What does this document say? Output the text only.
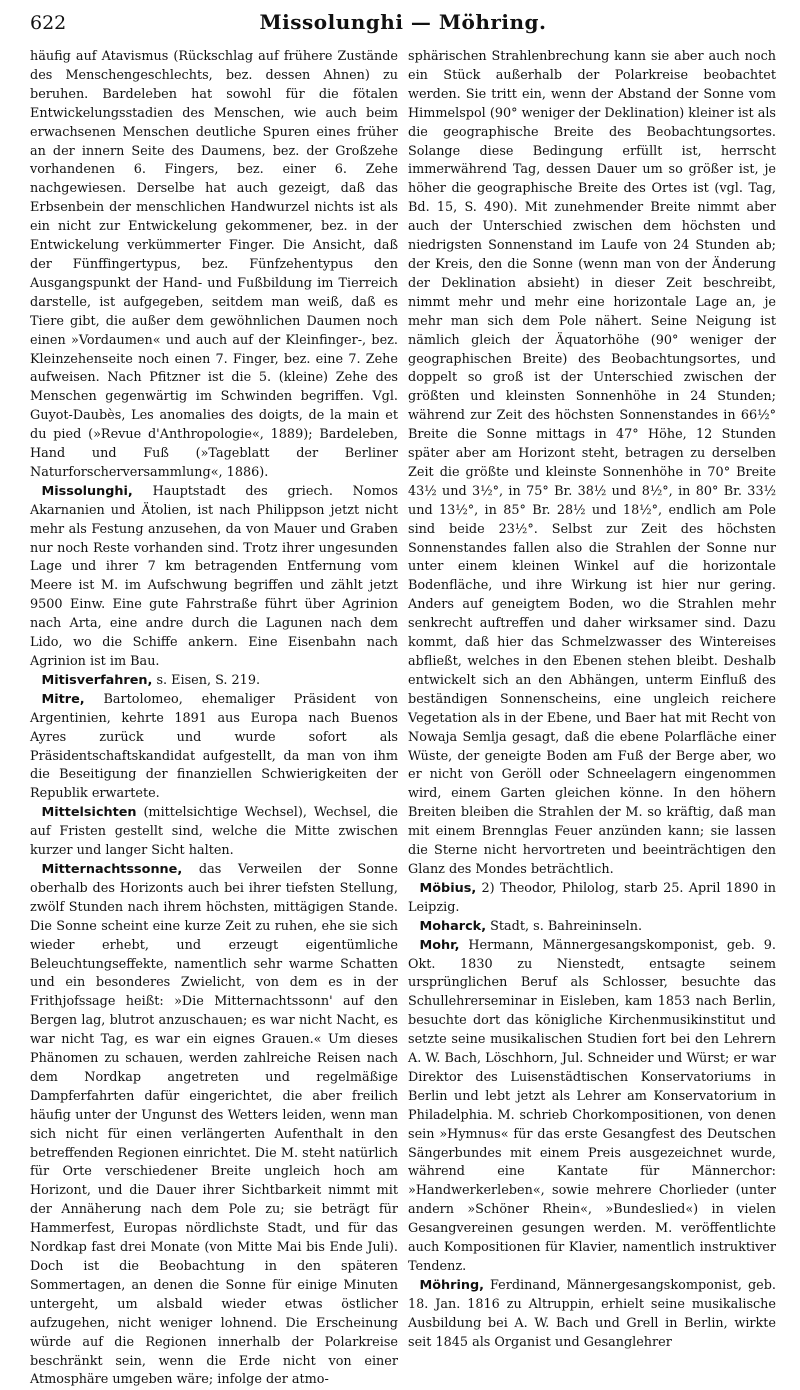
622	Missolunghi — Möhring.

häufig auf Atavismus (Rückschlag auf frühere Zustände des Menschengeschlechts, bez. dessen Ahnen) zu beruhen. Bardeleben hat sowohl für die fötalen Entwickelungsstadien des Menschen, wie auch beim erwachsenen Menschen deutliche Spuren eines früher an der innern Seite des Daumens, bez. der Großzehe vorhandenen 6. Fingers, bez. einer 6. Zehe nachgewiesen. Derselbe hat auch gezeigt, daß das Erbsenbein der menschlichen Handwurzel nichts ist als ein nicht zur Entwickelung gekommener, bez. in der Entwickelung verkümmerter Finger. Die Ansicht, daß der Fünffingertypus, bez. Fünfzehentypus den Ausgangspunkt der Hand- und Fußbildung im Tierreich darstelle, ist aufgegeben, seitdem man weiß, daß es Tiere gibt, die außer dem gewöhnlichen Daumen noch einen »Vordaumen« und auch auf der Kleinfinger-, bez. Kleinzehenseite noch einen 7. Finger, bez. eine 7. Zehe aufweisen. Nach Pfitzner ist die 5. (kleine) Zehe des Menschen gegenwärtig im Schwinden begriffen. Vgl. Guyot-Daubès, Les anomalies des doigts, de la main et du pied (»Revue d'Anthropologie«, 1889); Bardeleben, Hand und Fuß (»Tageblatt der Berliner Naturforscherversammlung«, 1886).

Missolunghi, Hauptstadt des griech. Nomos Akarnanien und Ätolien, ist nach Philippson jetzt nicht mehr als Festung anzusehen, da von Mauer und Graben nur noch Reste vorhanden sind. Trotz ihrer ungesunden Lage und ihrer 7 km betragenden Entfernung vom Meere ist M. im Aufschwung begriffen und zählt jetzt 9500 Einw. Eine gute Fahrstraße führt über Agrinion nach Arta, eine andre durch die Lagunen nach dem Lido, wo die Schiffe ankern. Eine Eisenbahn nach Agrinion ist im Bau.

Mitisverfahren, s. Eisen, S. 219.

Mitre, Bartolomeo, ehemaliger Präsident von Argentinien, kehrte 1891 aus Europa nach Buenos Ayres zurück und wurde sofort als Präsidentschaftskandidat aufgestellt, da man von ihm die Beseitigung der finanziellen Schwierigkeiten der Republik erwartete.

Mittelsichten (mittelsichtige Wechsel), Wechsel, die auf Fristen gestellt sind, welche die Mitte zwischen kurzer und langer Sicht halten.

Mitternachtssonne, das Verweilen der Sonne oberhalb des Horizonts auch bei ihrer tiefsten Stellung, zwölf Stunden nach ihrem höchsten, mittägigen Stande. Die Sonne scheint eine kurze Zeit zu ruhen, ehe sie sich wieder erhebt, und erzeugt eigentümliche Beleuchtungseffekte, namentlich sehr warme Schatten und ein besonderes Zwielicht, von dem es in der Frithjofssage heißt: »Die Mitternachtssonn' auf den Bergen lag, blutrot anzuschauen; es war nicht Nacht, es war nicht Tag, es war ein eignes Grauen.« Um dieses Phänomen zu schauen, werden zahlreiche Reisen nach dem Nordkap angetreten und regelmäßige Dampferfahrten dafür eingerichtet, die aber freilich häufig unter der Ungunst des Wetters leiden, wenn man sich nicht für einen verlängerten Aufenthalt in den betreffenden Regionen einrichtet. Die M. steht natürlich für Orte verschiedener Breite ungleich hoch am Horizont, und die Dauer ihrer Sichtbarkeit nimmt mit der Annäherung nach dem Pole zu; sie beträgt für Hammerfest, Europas nördlichste Stadt, und für das Nordkap fast drei Monate (von Mitte Mai bis Ende Juli). Doch ist die Beobachtung in den späteren Sommertagen, an denen die Sonne für einige Minuten untergeht, um alsbald wieder etwas östlicher aufzugehen, nicht weniger lohnend. Die Erscheinung würde auf die Regionen innerhalb der Polarkreise beschränkt sein, wenn die Erde nicht von einer Atmosphäre umgeben wäre; infolge der atmo-

sphärischen Strahlenbrechung kann sie aber auch noch ein Stück außerhalb der Polarkreise beobachtet werden. Sie tritt ein, wenn der Abstand der Sonne vom Himmelspol (90° weniger der Deklination) kleiner ist als die geographische Breite des Beobachtungsortes. Solange diese Bedingung erfüllt ist, herrscht immerwährend Tag, dessen Dauer um so größer ist, je höher die geographische Breite des Ortes ist (vgl. Tag, Bd. 15, S. 490). Mit zunehmender Breite nimmt aber auch der Unterschied zwischen dem höchsten und niedrigsten Sonnenstand im Laufe von 24 Stunden ab; der Kreis, den die Sonne (wenn man von der Änderung der Deklination absieht) in dieser Zeit beschreibt, nimmt mehr und mehr eine horizontale Lage an, je mehr man sich dem Pole nähert. Seine Neigung ist nämlich gleich der Äquatorhöhe (90° weniger der geographischen Breite) des Beobachtungsortes, und doppelt so groß ist der Unterschied zwischen der größten und kleinsten Sonnenhöhe in 24 Stunden; während zur Zeit des höchsten Sonnenstandes in 66½° Breite die Sonne mittags in 47° Höhe, 12 Stunden später aber am Horizont steht, betragen zu derselben Zeit die größte und kleinste Sonnenhöhe in 70° Breite 43½ und 3½°, in 75° Br. 38½ und 8½°, in 80° Br. 33½ und 13½°, in 85° Br. 28½ und 18½°, endlich am Pole sind beide 23½°. Selbst zur Zeit des höchsten Sonnenstandes fallen also die Strahlen der Sonne nur unter einem kleinen Winkel auf die horizontale Bodenfläche, und ihre Wirkung ist hier nur gering. Anders auf geneigtem Boden, wo die Strahlen mehr senkrecht auftreffen und daher wirksamer sind. Dazu kommt, daß hier das Schmelzwasser des Wintereises abfließt, welches in den Ebenen stehen bleibt. Deshalb entwickelt sich an den Abhängen, unterm Einfluß des beständigen Sonnenscheins, eine ungleich reichere Vegetation als in der Ebene, und Baer hat mit Recht von Nowaja Semlja gesagt, daß die ebene Polarfläche einer Wüste, der geneigte Boden am Fuß der Berge aber, wo er nicht von Geröll oder Schneelagern eingenommen wird, einem Garten gleichen könne. In den höhern Breiten bleiben die Strahlen der M. so kräftig, daß man mit einem Brennglas Feuer anzünden kann; sie lassen die Sterne nicht hervortreten und beeinträchtigen den Glanz des Mondes beträchtlich.

Möbius, 2) Theodor, Philolog, starb 25. April 1890 in Leipzig.

Moharck, Stadt, s. Bahreininseln.

Mohr, Hermann, Männergesangskomponist, geb. 9. Okt. 1830 zu Nienstedt, entsagte seinem ursprünglichen Beruf als Schlosser, besuchte das Schullehrerseminar in Eisleben, kam 1853 nach Berlin, besuchte dort das königliche Kirchenmusikinstitut und setzte seine musikalischen Studien fort bei den Lehrern A. W. Bach, Löschhorn, Jul. Schneider und Würst; er war Direktor des Luisenstädtischen Konservatoriums in Berlin und lebt jetzt als Lehrer am Konservatorium in Philadelphia. M. schrieb Chorkompositionen, von denen sein »Hymnus« für das erste Gesangfest des Deutschen Sängerbundes mit einem Preis ausgezeichnet wurde, während eine Kantate für Männerchor: »Handwerkerleben«, sowie mehrere Chorlieder (unter andern »Schöner Rhein«, »Bundeslied«) in vielen Gesangvereinen gesungen werden. M. veröffentlichte auch Kompositionen für Klavier, namentlich instruktiver Tendenz.

Möhring, Ferdinand, Männergesangskomponist, geb. 18. Jan. 1816 zu Altruppin, erhielt seine musikalische Ausbildung bei A. W. Bach und Grell in Berlin, wirkte seit 1845 als Organist und Gesanglehrer
